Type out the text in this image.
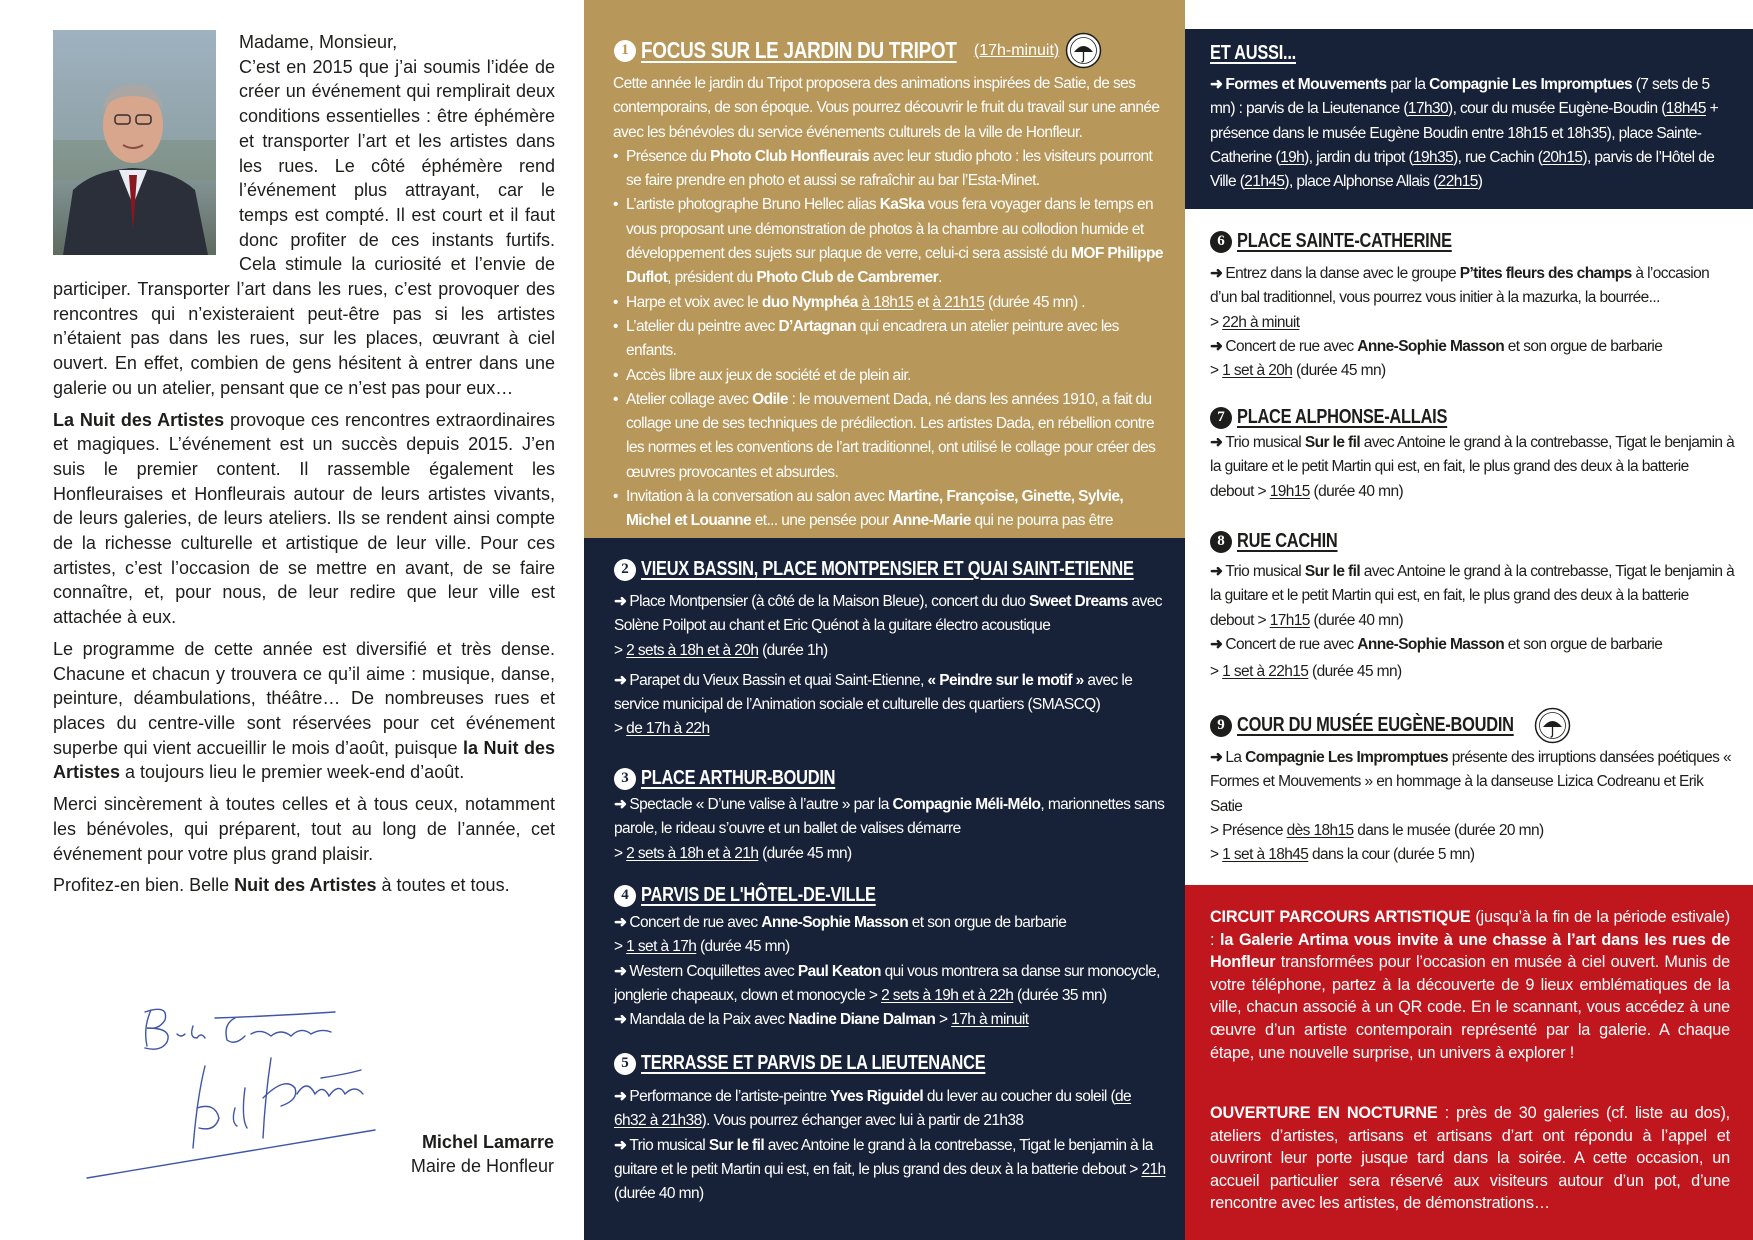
Madame, Monsieur,

C’est en 2015 que j’ai soumis l’idée de créer un événement qui remplirait deux conditions essentielles : être éphémère et transporter l’art et les artistes dans les rues. Le côté éphémère rend l’événement plus attrayant, car le temps est compté. Il est court et il faut donc profiter de ces instants furtifs. Cela stimule la curiosité et l’envie de participer. Transporter l’art dans les rues, c’est provoquer des rencontres qui n’existeraient peut-être pas si les artistes n’étaient pas dans les rues, sur les places, œuvrant à ciel ouvert. En effet, combien de gens hésitent à entrer dans une galerie ou un atelier, pensant que ce n’est pas pour eux…

La Nuit des Artistes provoque ces rencontres extraordinaires et magiques. L’événement est un succès depuis 2015. J’en suis le premier content. Il rassemble également les Honfleuraises et Honfleurais autour de leurs artistes vivants, de leurs galeries, de leurs ateliers. Ils se rendent ainsi compte de la richesse culturelle et artistique de leur ville. Pour ces artistes, c’est l’occasion de se mettre en avant, de se faire connaître, et, pour nous, de leur redire que leur ville est attachée à eux.

Le programme de cette année est diversifié et très dense. Chacune et chacun y trouvera ce qu’il aime : musique, danse, peinture, déambulations, théâtre… De nombreuses rues et places du centre-ville sont réservées pour cet événement superbe qui vient accueillir le mois d’août, puisque la Nuit des Artistes a toujours lieu le premier week-end d’août.

Merci sincèrement à toutes celles et à tous ceux, notamment les bénévoles, qui préparent, tout au long de l’année, cet événement pour votre plus grand plaisir.

Profitez-en bien. Belle Nuit des Artistes à toutes et tous.

Michel Lamarre
Maire de Honfleur
1 FOCUS SUR LE JARDIN DU TRIPOT (17h-minuit)

Cette année le jardin du Tripot proposera des animations inspirées de Satie, de ses contemporains, de son époque. Vous pourrez découvrir le fruit du travail sur une année avec les bénévoles du service événements culturels de la ville de Honfleur.

• Présence du Photo Club Honfleurais avec leur studio photo : les visiteurs pourront se faire prendre en photo et aussi se rafraîchir au bar l’Esta-Minet.

• L’artiste photographe Bruno Hellec alias KaSka vous fera voyager dans le temps en vous proposant une démonstration de photos à la chambre au collodion humide et développement des sujets sur plaque de verre, celui-ci sera assisté du MOF Philippe Duflot, président du Photo Club de Cambremer.

• Harpe et voix avec le duo Nymphéa à 18h15 et à 21h15 (durée 45 mn) .

• L’atelier du peintre avec D’Artagnan qui encadrera un atelier peinture avec les enfants.

• Accès libre aux jeux de société et de plein air.

• Atelier collage avec Odile : le mouvement Dada, né dans les années 1910, a fait du collage une de ses techniques de prédilection. Les artistes Dada, en rébellion contre les normes et les conventions de l’art traditionnel, ont utilisé le collage pour créer des œuvres provocantes et absurdes.

• Invitation à la conversation au salon avec Martine, Françoise, Ginette, Sylvie, Michel et Louanne et... une pensée pour Anne-Marie qui ne pourra pas être

2 VIEUX BASSIN, PLACE MONTPENSIER ET QUAI SAINT-ETIENNE

➜ Place Montpensier (à côté de la Maison Bleue), concert du duo Sweet Dreams avec Solène Poilpot au chant et Eric Quénot à la guitare électro acoustique

> 2 sets à 18h et à 20h (durée 1h)

➜ Parapet du Vieux Bassin et quai Saint-Etienne, « Peindre sur le motif » avec le service municipal de l’Animation sociale et culturelle des quartiers (SMASCQ)

> de 17h à 22h

3 PLACE ARTHUR-BOUDIN

➜ Spectacle « D’une valise à l’autre » par la Compagnie Méli-Mélo, marionnettes sans parole, le rideau s’ouvre et un ballet de valises démarre

> 2 sets à 18h et à 21h (durée 45 mn)

4 PARVIS DE L'HÔTEL-DE-VILLE

➜ Concert de rue avec Anne-Sophie Masson et son orgue de barbarie

> 1 set à 17h (durée 45 mn)

➜ Western Coquillettes avec Paul Keaton qui vous montrera sa danse sur monocycle, jonglerie chapeaux, clown et monocycle > 2 sets à 19h et à 22h (durée 35 mn)

➜ Mandala de la Paix avec Nadine Diane Dalman > 17h à minuit

5 TERRASSE ET PARVIS DE LA LIEUTENANCE

➜ Performance de l’artiste-peintre Yves Riguidel du lever au coucher du soleil (de 6h32 à 21h38). Vous pourrez échanger avec lui à partir de 21h38

➜ Trio musical Sur le fil avec Antoine le grand à la contrebasse, Tigat le benjamin à la guitare et le petit Martin qui est, en fait, le plus grand des deux à la batterie debout > 21h (durée 40 mn)

ET AUSSI...

➜ Formes et Mouvements par la Compagnie Les Impromptues (7 sets de 5 mn) : parvis de la Lieutenance (17h30), cour du musée Eugène-Boudin (18h45 + présence dans le musée Eugène Boudin entre 18h15 et 18h35), place Sainte-Catherine (19h), jardin du tripot (19h35), rue Cachin (20h15), parvis de l’Hôtel de Ville (21h45), place Alphonse Allais (22h15)

6 PLACE SAINTE-CATHERINE

➜ Entrez dans la danse avec le groupe P’tites fleurs des champs à l’occasion d’un bal traditionnel, vous pourrez vous initier à la mazurka, la bourrée...

> 22h à minuit

➜ Concert de rue avec Anne-Sophie Masson et son orgue de barbarie

> 1 set à 20h (durée 45 mn)

7 PLACE ALPHONSE-ALLAIS

➜ Trio musical Sur le fil avec Antoine le grand à la contrebasse, Tigat le benjamin à la guitare et le petit Martin qui est, en fait, le plus grand des deux à la batterie debout > 19h15 (durée 40 mn)

8 RUE CACHIN

➜ Trio musical Sur le fil avec Antoine le grand à la contrebasse, Tigat le benjamin à la guitare et le petit Martin qui est, en fait, le plus grand des deux à la batterie debout > 17h15 (durée 40 mn)

➜ Concert de rue avec Anne-Sophie Masson et son orgue de barbarie

> 1 set à 22h15 (durée 45 mn)

9 COUR DU MUSÉE EUGÈNE-BOUDIN

➜ La Compagnie Les Impromptues présente des irruptions dansées poétiques « Formes et Mouvements » en hommage à la danseuse Lizica Codreanu et Erik Satie

> Présence dès 18h15 dans le musée (durée 20 mn)

> 1 set à 18h45 dans la cour (durée 5 mn)

CIRCUIT PARCOURS ARTISTIQUE (jusqu’à la fin de la période estivale) : la Galerie Artima vous invite à une chasse à l’art dans les rues de Honfleur transformées pour l’occasion en musée à ciel ouvert. Munis de votre téléphone, partez à la découverte de 9 lieux emblématiques de la ville, chacun associé à un QR code. En le scannant, vous accédez à une œuvre d’un artiste contemporain représenté par la galerie. A chaque étape, une nouvelle surprise, un univers à explorer !
OUVERTURE EN NOCTURNE : près de 30 galeries (cf. liste au dos), ateliers d’artistes, artisans et artisans d’art ont répondu à l’appel et ouvriront leur porte jusque tard dans la soirée. A cette occasion, un accueil particulier sera réservé aux visiteurs autour d’un pot, d’une rencontre avec les artistes, de démonstrations…
